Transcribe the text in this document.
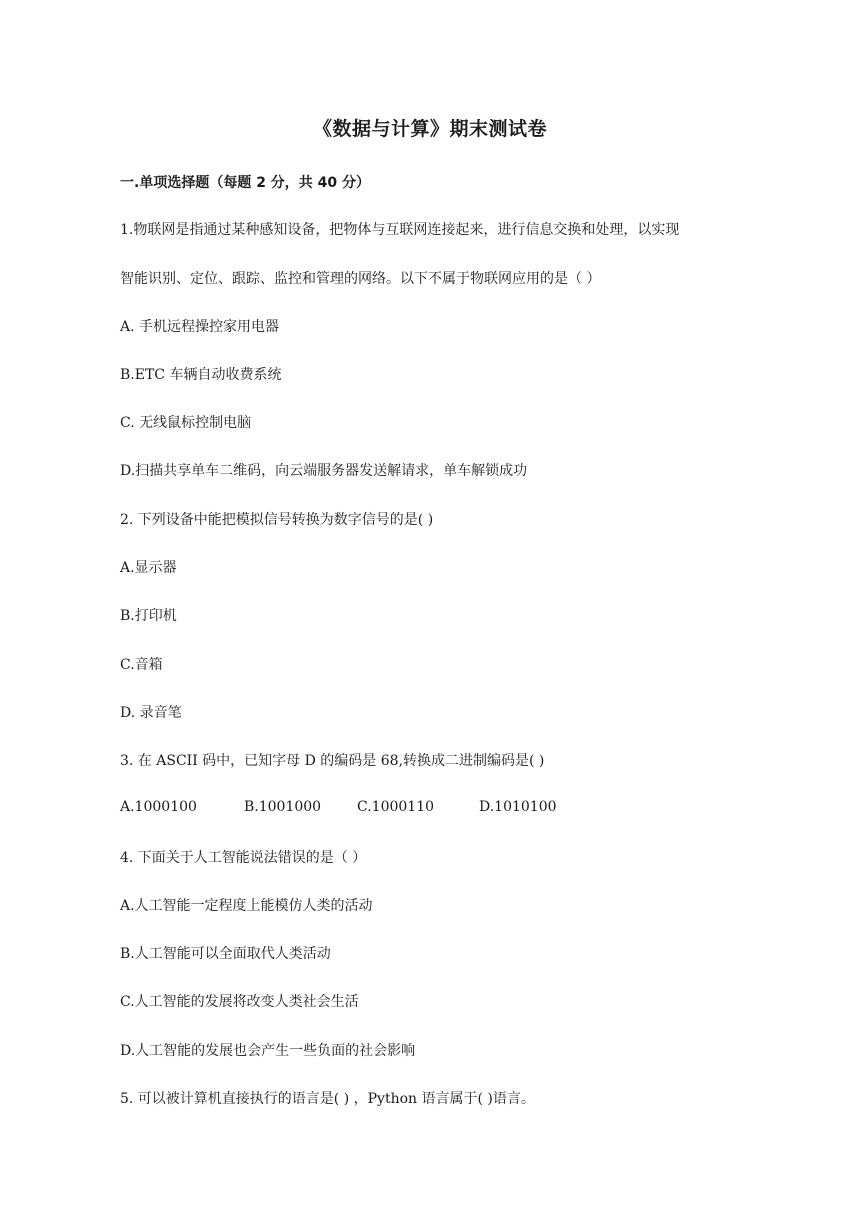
《数据与计算》期末测试卷
一.单项选择题（每题 2 分，共 40 分）
1.物联网是指通过某种感知设备，把物体与互联网连接起来，进行信息交换和处理，以实现
智能识别、定位、跟踪、监控和管理的网络。以下不属于物联网应用的是（ ）
A. 手机远程操控家用电器
B.ETC 车辆自动收费系统
C. 无线鼠标控制电脑
D.扫描共享单车二维码，向云端服务器发送解请求，单车解锁成功
2. 下列设备中能把模拟信号转换为数字信号的是( )
A.显示器
B.打印机
C.音箱
D. 录音笔
3. 在 ASCII 码中，已知字母 D 的编码是 68,转换成二进制编码是( )
A.1000100	B.1001000	C.1000110	D.1010100
4. 下面关于人工智能说法错误的是（ ）
A.人工智能一定程度上能模仿人类的活动
B.人工智能可以全面取代人类活动
C.人工智能的发展将改变人类社会生活
D.人工智能的发展也会产生一些负面的社会影响
5. 可以被计算机直接执行的语言是( ) ，Python 语言属于( )语言。
